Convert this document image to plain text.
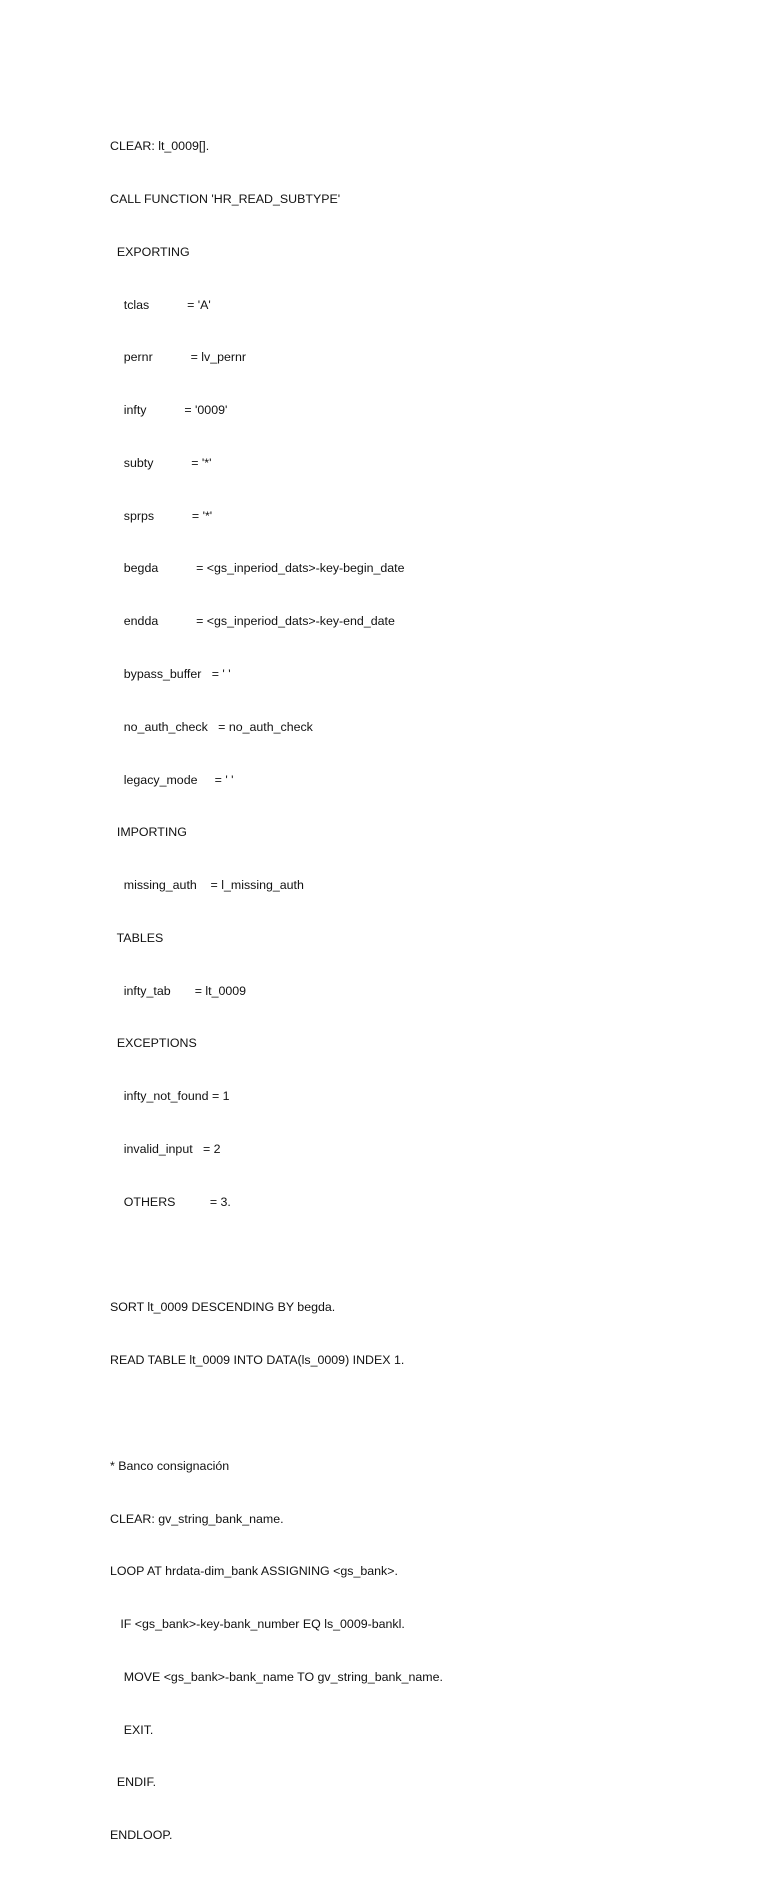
CLEAR: lt_0009[].

CALL FUNCTION 'HR_READ_SUBTYPE'

EXPORTING

tclas           = 'A'

pernr           = lv_pernr

infty           = '0009'

subty           = '*'

sprps           = '*'

begda           = <gs_inperiod_dats>-key-begin_date

endda           = <gs_inperiod_dats>-key-end_date

bypass_buffer   = ' '

no_auth_check   = no_auth_check

legacy_mode     = ' '

IMPORTING

missing_auth    = l_missing_auth

TABLES

infty_tab       = lt_0009

EXCEPTIONS

infty_not_found = 1

invalid_input   = 2

OTHERS          = 3.

SORT lt_0009 DESCENDING BY begda.

READ TABLE lt_0009 INTO DATA(ls_0009) INDEX 1.

* Banco consignación

CLEAR: gv_string_bank_name.

LOOP AT hrdata-dim_bank ASSIGNING <gs_bank>.

IF <gs_bank>-key-bank_number EQ ls_0009-bankl.

MOVE <gs_bank>-bank_name TO gv_string_bank_name.

EXIT.

ENDIF.

ENDLOOP.
